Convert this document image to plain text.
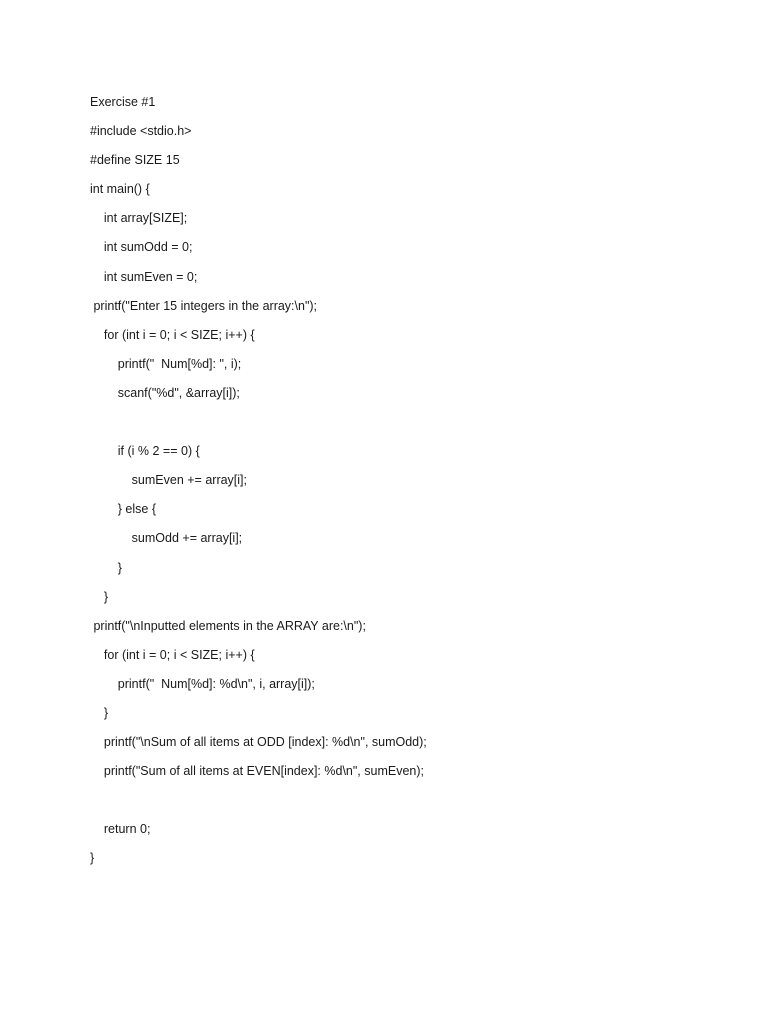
Exercise #1
#include <stdio.h>
#define SIZE 15
int main() {
int array[SIZE];
int sumOdd = 0;
int sumEven = 0;
printf("Enter 15 integers in the array:\n");
for (int i = 0; i < SIZE; i++) {
printf("  Num[%d]: ", i);
scanf("%d", &array[i]);
if (i % 2 == 0) {
sumEven += array[i];
} else {
sumOdd += array[i];
}
}
printf("\nInputted elements in the ARRAY are:\n");
for (int i = 0; i < SIZE; i++) {
printf("  Num[%d]: %d\n", i, array[i]);
}
printf("\nSum of all items at ODD [index]: %d\n", sumOdd);
printf("Sum of all items at EVEN[index]: %d\n", sumEven);
return 0;
}
